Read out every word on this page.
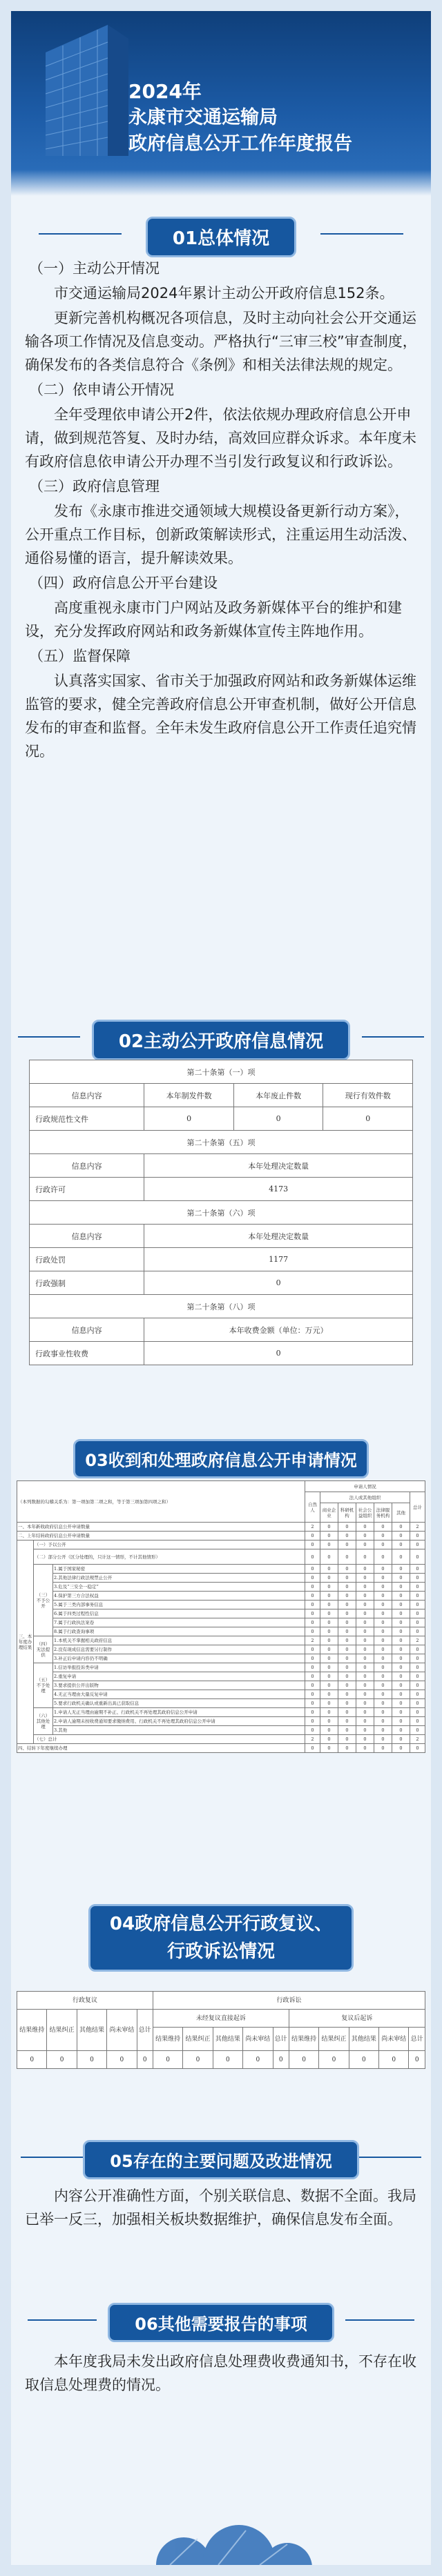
2024年
永康市交通运输局
政府信息公开工作年度报告
01总体情况

（一）主动公开情况

市交通运输局2024年累计主动公开政府信息152条。

更新完善机构概况各项信息，及时主动向社会公开交通运输各项工作情况及信息变动。严格执行“三审三校”审查制度，确保发布的各类信息符合《条例》和相关法律法规的规定。

（二）依申请公开情况

全年受理依申请公开2件，依法依规办理政府信息公开申请，做到规范答复、及时办结，高效回应群众诉求。本年度未有政府信息依申请公开办理不当引发行政复议和行政诉讼。

（三）政府信息管理

发布《永康市推进交通领域大规模设备更新行动方案》，公开重点工作目标，创新政策解读形式，注重运用生动活泼、通俗易懂的语言，提升解读效果。

（四）政府信息公开平台建设

高度重视永康市门户网站及政务新媒体平台的维护和建设，充分发挥政府网站和政务新媒体宣传主阵地作用。

（五）监督保障

认真落实国家、省市关于加强政府网站和政务新媒体运维监管的要求，健全完善政府信息公开审查机制，做好公开信息发布的审查和监督。全年未发生政府信息公开工作责任追究情况。

02主动公开政府信息情况
第二十条第（一）项			
信息内容	本年制发件数	本年废止件数	现行有效件数
行政规范性文件	0	0	0
第二十条第（五）项			
信息内容	本年处理决定数量		
行政许可	4173		
第二十条第（六）项			
信息内容	本年处理决定数量		
行政处罚	1177		
行政强制	0		
第二十条第（八）项			
信息内容	本年收费金额（单位：万元）		
行政事业性收费	0		
03收到和处理政府信息公开申请情况
（本列数据的勾稽关系为：第一项加第二项之和，等于第三项加第四项之和）			申请人情况						
			自然人	法人或其他组织					总计
				商业企业	科研机构	社会公益组织	法律服务机构	其他	
一、本年新收政府信息公开申请数量			2	0	0	0	0	0	2
二、上年结转政府信息公开申请数量			0	0	0	0	0	0	0
三、本年度办理结果	（一）予以公开		0	0	0	0	0	0	0
	（二）部分公开（区分处理的，只计这一情形，不计其他情形）		0	0	0	0	0	0	0
	（三）不予公开	1.属于国家秘密	0	0	0	0	0	0	0
		2.其他法律行政法规禁止公开	0	0	0	0	0	0	0
		3.危及“三安全一稳定”	0	0	0	0	0	0	0
		4.保护第三方合法权益	0	0	0	0	0	0	0
		5.属于三类内部事务信息	0	0	0	0	0	0	0
		6.属于四类过程性信息	0	0	0	0	0	0	0
		7.属于行政执法案卷	0	0	0	0	0	0	0
		8.属于行政查询事项	0	0	0	0	0	0	0
	（四）无法提供	1.本机关不掌握相关政府信息	2	0	0	0	0	0	2
		2.没有现成信息需要另行制作	0	0	0	0	0	0	0
		3.补正后申请内容仍不明确	0	0	0	0	0	0	0
	（五）不予处理	1.信访举报投诉类申请	0	0	0	0	0	0	0
		2.重复申请	0	0	0	0	0	0	0
		3.要求提供公开出版物	0	0	0	0	0	0	0
		4.无正当理由大量反复申请	0	0	0	0	0	0	0
		5.要求行政机关确认或重新出具已获取信息	0	0	0	0	0	0	0
	（六）其他处理	1.申请人无正当理由逾期不补正、行政机关不再处理其政府信息公开申请	0	0	0	0	0	0	0
		2.申请人逾期未按收费通知要求缴纳费用、行政机关不再处理其政府信息公开申请	0	0	0	0	0	0	0
		3.其他	0	0	0	0	0	0	0
	（七）总计		2	0	0	0	0	0	2
四、结转下年度继续办理			0	0	0	0	0	0	0
04政府信息公开行政复议、
行政诉讼情况
行政复议					行政诉讼									
结果维持	结果纠正	其他结果	尚未审结	总计	未经复议直接起诉					复议后起诉				
					结果维持	结果纠正	其他结果	尚未审结	总计	结果维持	结果纠正	其他结果	尚未审结	总计
0	0	0	0	0	0	0	0	0	0	0	0	0	0	0
05存在的主要问题及改进情况

内容公开准确性方面，个别关联信息、数据不全面。我局已举一反三，加强相关板块数据维护，确保信息发布全面。

06其他需要报告的事项

本年度我局未发出政府信息处理费收费通知书，不存在收取信息处理费的情况。
